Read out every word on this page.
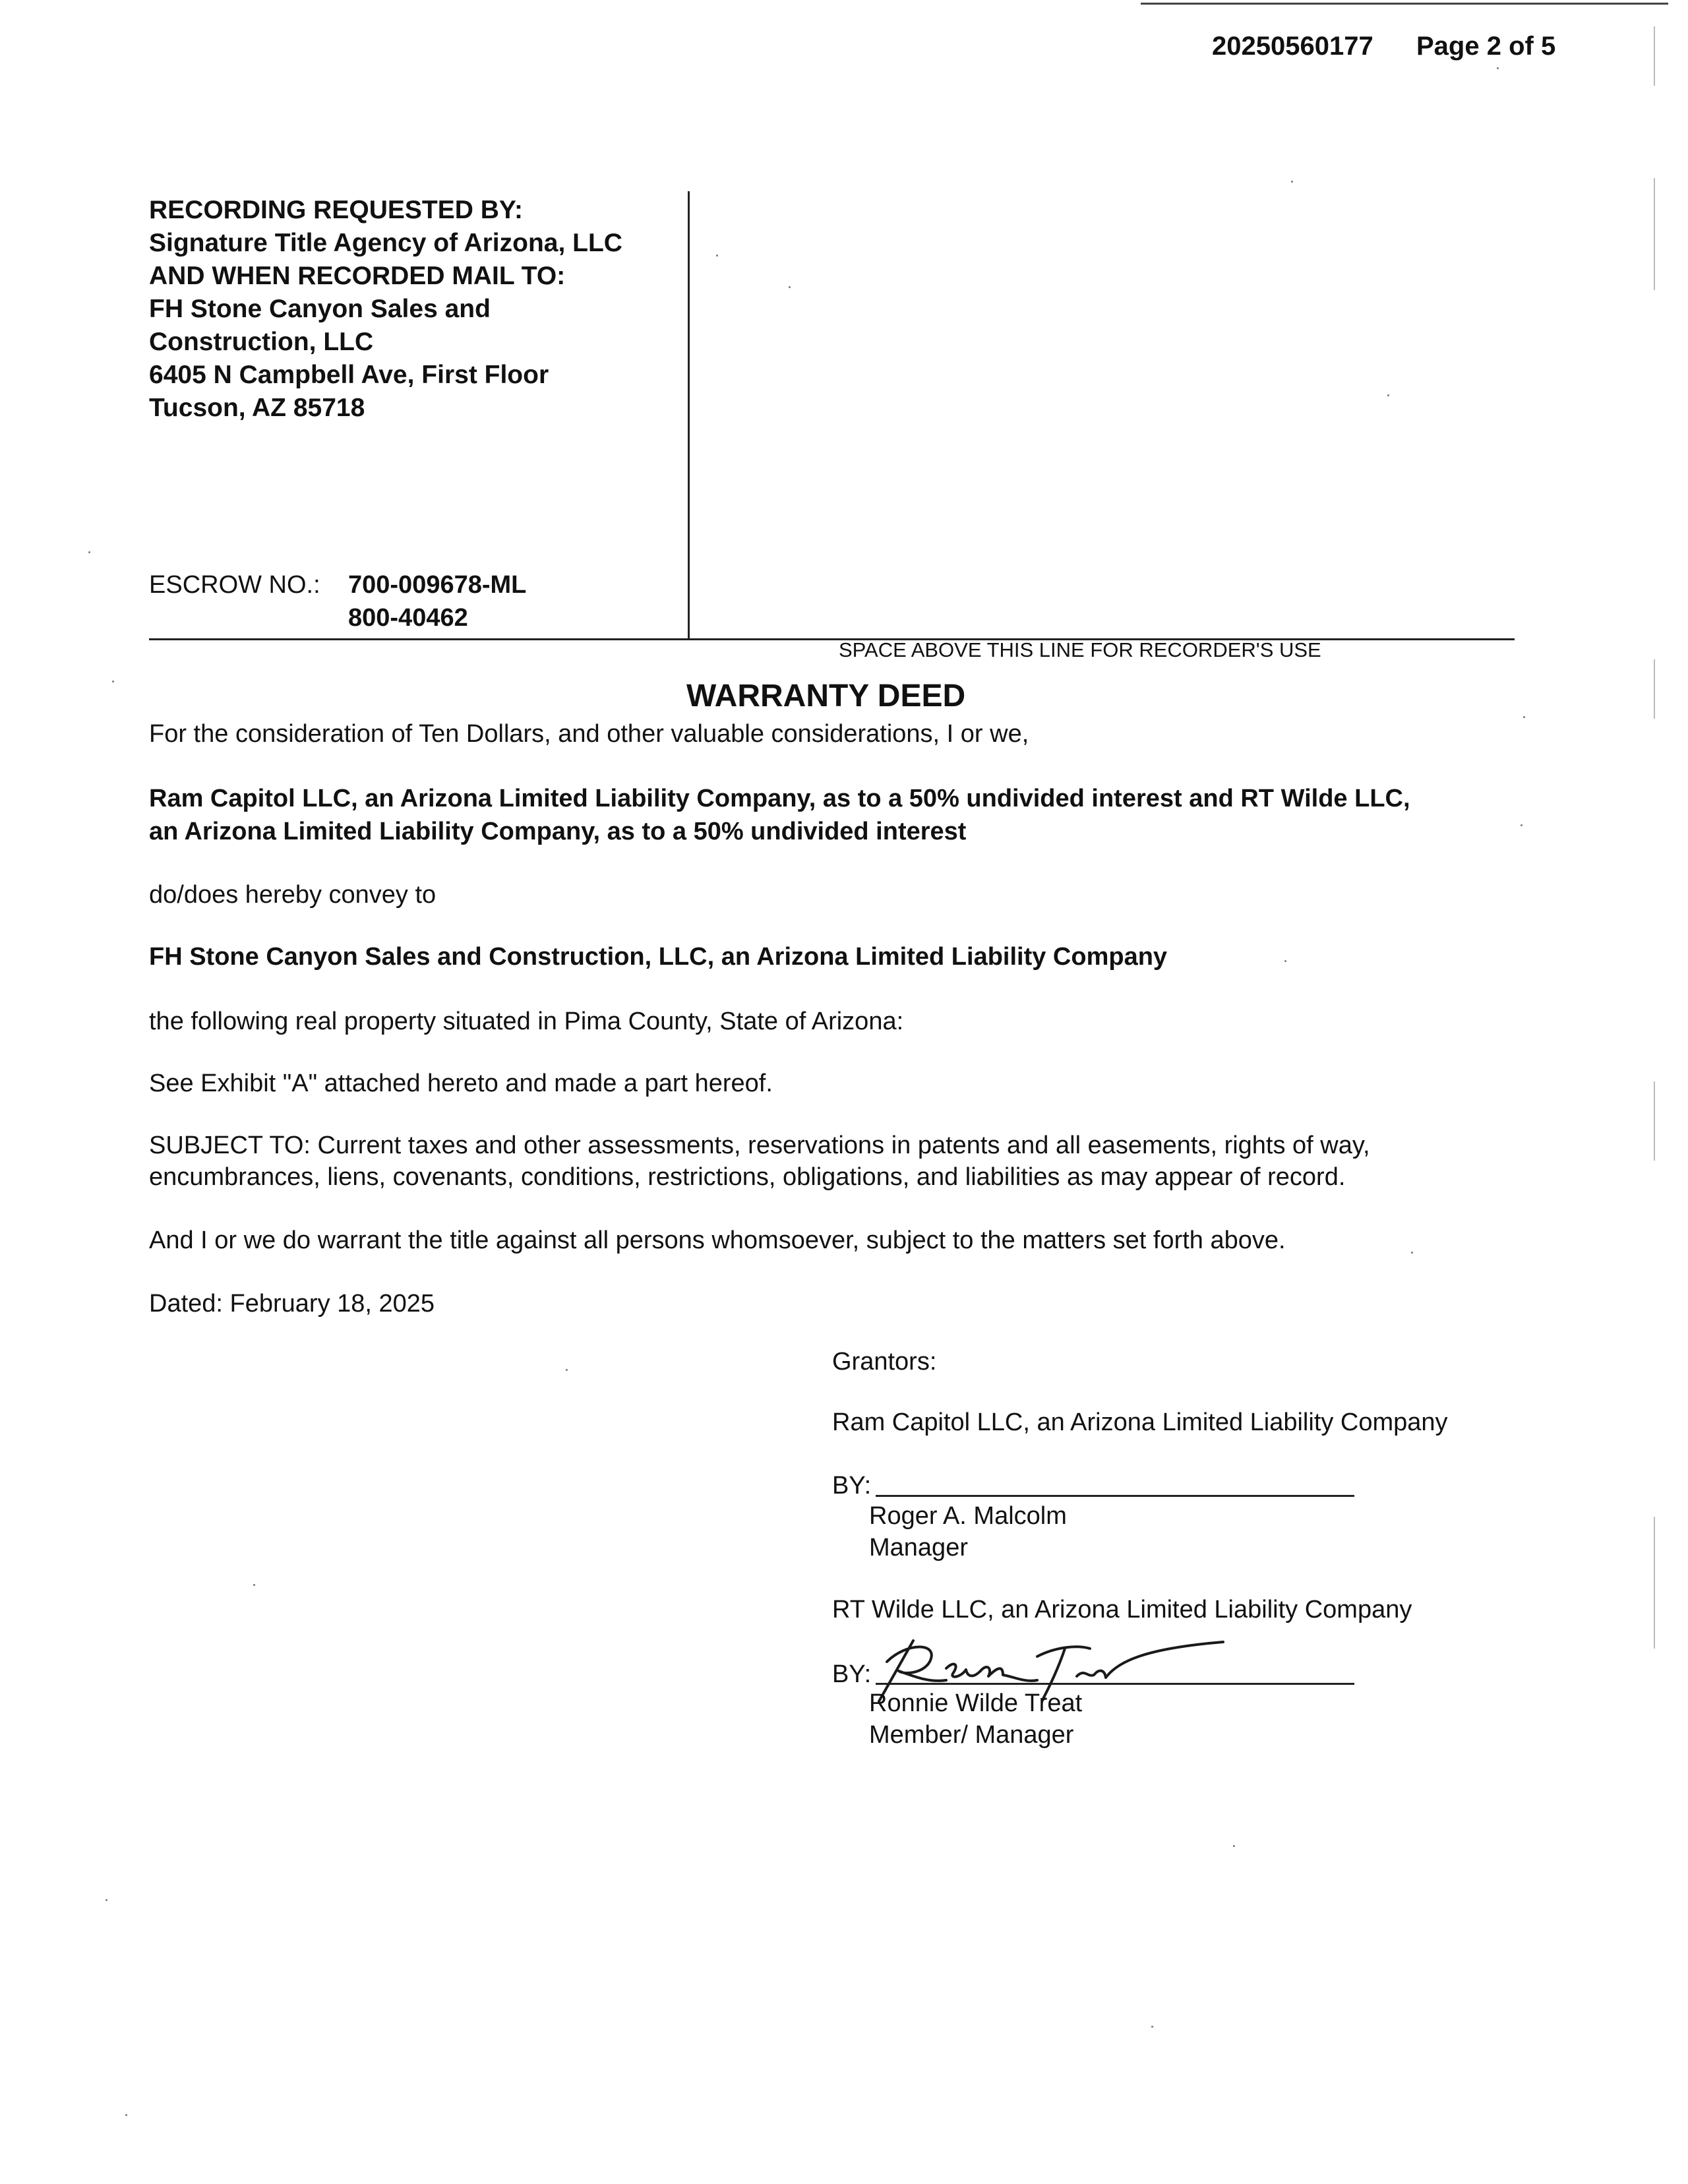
20250560177 Page 2 of 5
RECORDING REQUESTED BY:
Signature Title Agency of Arizona, LLC
AND WHEN RECORDED MAIL TO:
FH Stone Canyon Sales and
Construction, LLC
6405 N Campbell Ave, First Floor
Tucson, AZ 85718
ESCROW NO.: 700-009678-ML
800-40462
SPACE ABOVE THIS LINE FOR RECORDER'S USE
WARRANTY DEED
For the consideration of Ten Dollars, and other valuable considerations, I or we,
Ram Capitol LLC, an Arizona Limited Liability Company, as to a 50% undivided interest and RT Wilde LLC,
an Arizona Limited Liability Company, as to a 50% undivided interest
do/does hereby convey to
FH Stone Canyon Sales and Construction, LLC, an Arizona Limited Liability Company
the following real property situated in Pima County, State of Arizona:
See Exhibit "A" attached hereto and made a part hereof.
SUBJECT TO: Current taxes and other assessments, reservations in patents and all easements, rights of way,
encumbrances, liens, covenants, conditions, restrictions, obligations, and liabilities as may appear of record.
And I or we do warrant the title against all persons whomsoever, subject to the matters set forth above.
Dated: February 18, 2025
Grantors:
Ram Capitol LLC, an Arizona Limited Liability Company
BY:
Roger A. Malcolm
Manager
RT Wilde LLC, an Arizona Limited Liability Company
BY:
Ronnie Wilde Treat
Member/ Manager
